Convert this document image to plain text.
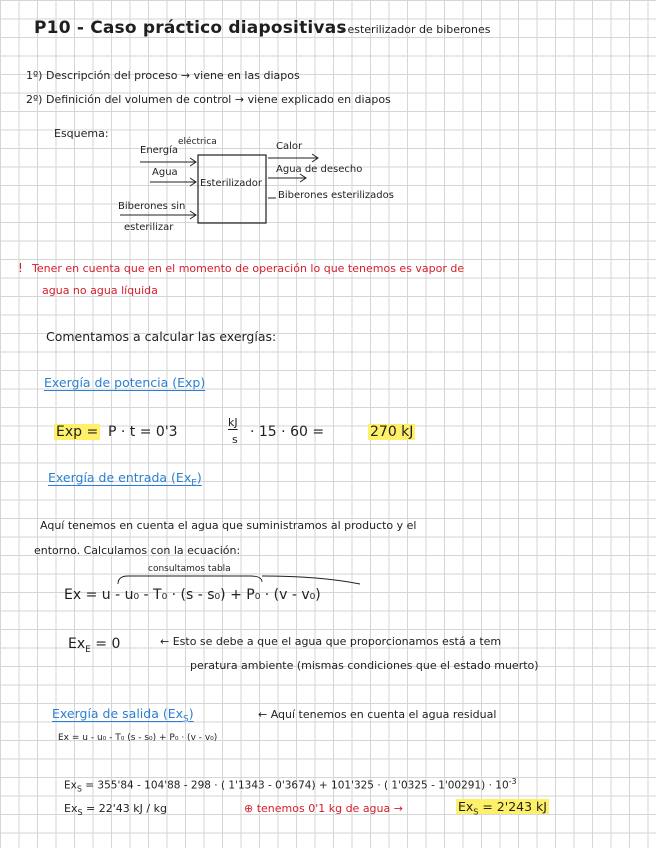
P10 - Caso práctico diapositivas
- esterilizador de biberones
1º) Descripción del proceso → viene en las diapos
2º) Definición del volumen de control → viene explicado en diapos
Esquema:
Energía
eléctrica
Agua
Esterilizador
Biberones sin
esterilizar
Calor
Agua de desecho
Biberones esterilizados
! Tener en cuenta que en el momento de operación lo que tenemos es vapor de
agua no agua líquida
Comentamos a calcular las exergías:
Exergía de potencia (Exp)
Exp = P · t = 0'3
kJ
s · 15 · 60 =	270 kJ
Exergía de entrada $(Ex_E)$
Aquí tenemos en cuenta el agua que suministramos al producto y el
entorno. Calculamos con la ecuación:
consultamos tabla
Ex = u - u₀ - T₀ · (s - s₀) + P₀ · (v - v₀)
$Ex_E = 0$	← Esto se debe a que el agua que proporcionamos está a tem
peratura ambiente (mismas condiciones que el estado muerto)
Exergía de salida $(Ex_S)$	← Aquí tenemos en cuenta el agua residual
Ex = u - u₀ - T₀ (s - s₀) + P₀ · (v - v₀)
$Ex_S = 355'84 - 104'88 - 298$ · ( 1'1343 - 0'3674) + 101'325 · ( $1'0325 - 1'00291) \cdot 10^{-3}$
$Ex_S = 22'43$ kJ / kg	⊕ tenemos 0'1 kg de agua →	$Ex_S = 2'243$ kJ
